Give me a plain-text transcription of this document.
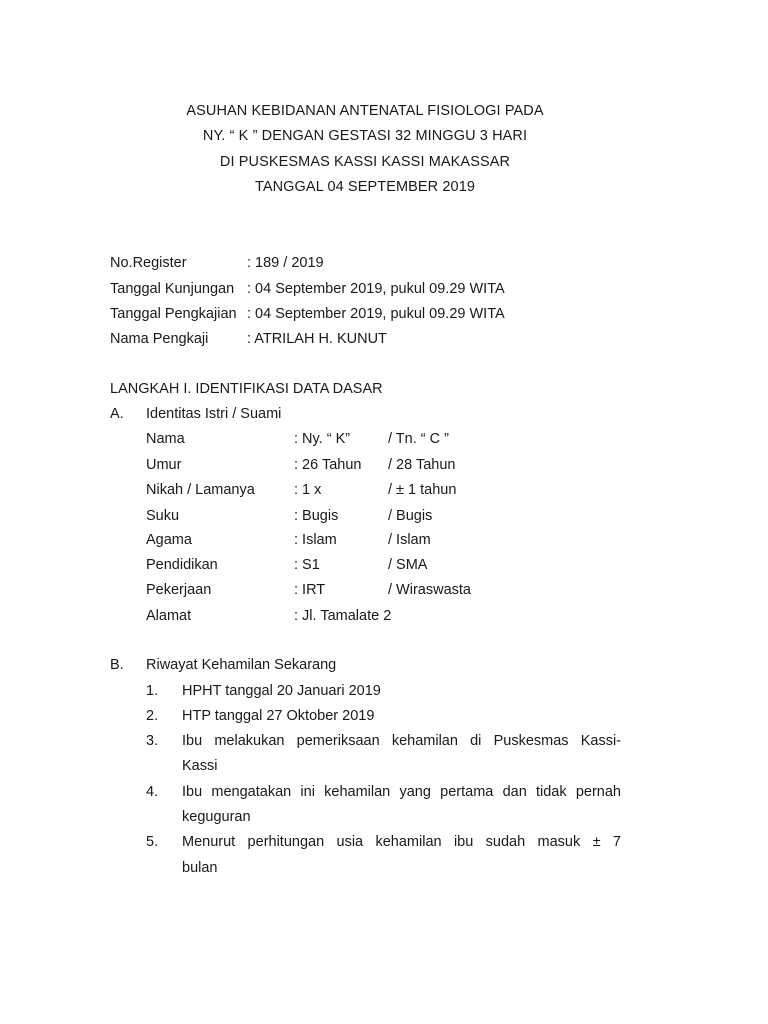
ASUHAN KEBIDANAN ANTENATAL FISIOLOGI PADA
NY. “ K ” DENGAN GESTASI 32 MINGGU 3 HARI
DI PUSKESMAS KASSI KASSI MAKASSAR
TANGGAL 04 SEPTEMBER 2019
No.Register	: 189 / 2019
Tanggal Kunjungan : 04 September 2019, pukul 09.29 WITA
Tanggal Pengkajian : 04 September 2019, pukul 09.29 WITA
Nama Pengkaji	: ATRILAH H. KUNUT
LANGKAH I. IDENTIFIKASI DATA DASAR
A. Identitas Istri / Suami
Nama	: Ny. “ K”	/ Tn. “ C ”
Umur	: 26 Tahun / 28 Tahun
Nikah / Lamanya	: 1 x	/ ± 1 tahun
Suku	: Bugis	/ Bugis
Agama	: Islam	/ Islam
Pendidikan	: S1	/ SMA
Pekerjaan	: IRT	/ Wiraswasta
Alamat	: Jl. Tamalate 2
B. Riwayat Kehamilan Sekarang
1. HPHT tanggal 20 Januari 2019
2. HTP tanggal 27 Oktober 2019
3. Ibu melakukan pemeriksaan kehamilan di Puskesmas Kassi-
Kassi
4. Ibu mengatakan ini kehamilan yang pertama dan tidak pernah
keguguran
5. Menurut perhitungan usia kehamilan ibu sudah masuk ± 7
bulan
